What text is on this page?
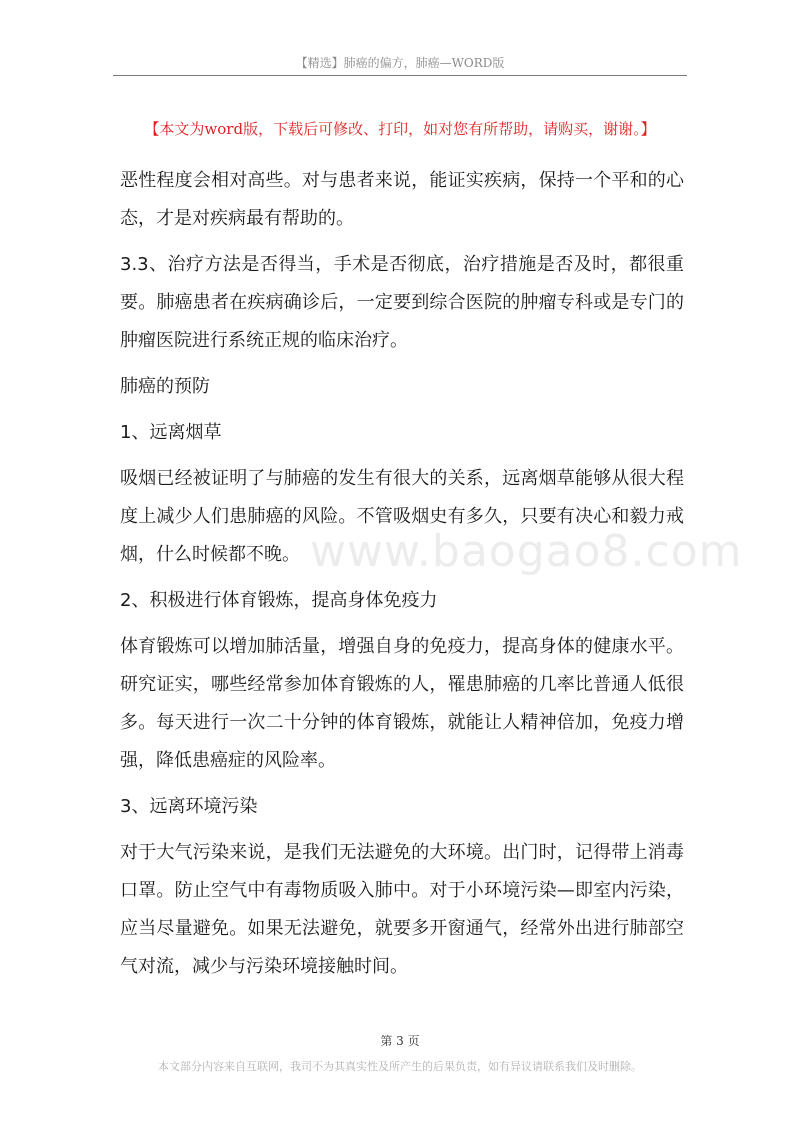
【精选】肺癌的偏方，肺癌—WORD版
【本文为word版，下载后可修改、打印，如对您有所帮助，请购买，谢谢。】
www.baogao8.com

恶性程度会相对高些。对与患者来说，能证实疾病，保持一个平和的心态，才是对疾病最有帮助的。

3.3、治疗方法是否得当，手术是否彻底，治疗措施是否及时，都很重要。肺癌患者在疾病确诊后，一定要到综合医院的肿瘤专科或是专门的肿瘤医院进行系统正规的临床治疗。

肺癌的预防

1、远离烟草

吸烟已经被证明了与肺癌的发生有很大的关系，远离烟草能够从很大程度上减少人们患肺癌的风险。不管吸烟史有多久，只要有决心和毅力戒烟，什么时候都不晚。

2、积极进行体育锻炼，提高身体免疫力

体育锻炼可以增加肺活量，增强自身的免疫力，提高身体的健康水平。研究证实，哪些经常参加体育锻炼的人，罹患肺癌的几率比普通人低很多。每天进行一次二十分钟的体育锻炼，就能让人精神倍加，免疫力增强，降低患癌症的风险率。

3、远离环境污染

对于大气污染来说，是我们无法避免的大环境。出门时，记得带上消毒口罩。防止空气中有毒物质吸入肺中。对于小环境污染—即室内污染，应当尽量避免。如果无法避免，就要多开窗通气，经常外出进行肺部空气对流，减少与污染环境接触时间。

第 3 页
本文部分内容来自互联网，我司不为其真实性及所产生的后果负责，如有异议请联系我们及时删除。
